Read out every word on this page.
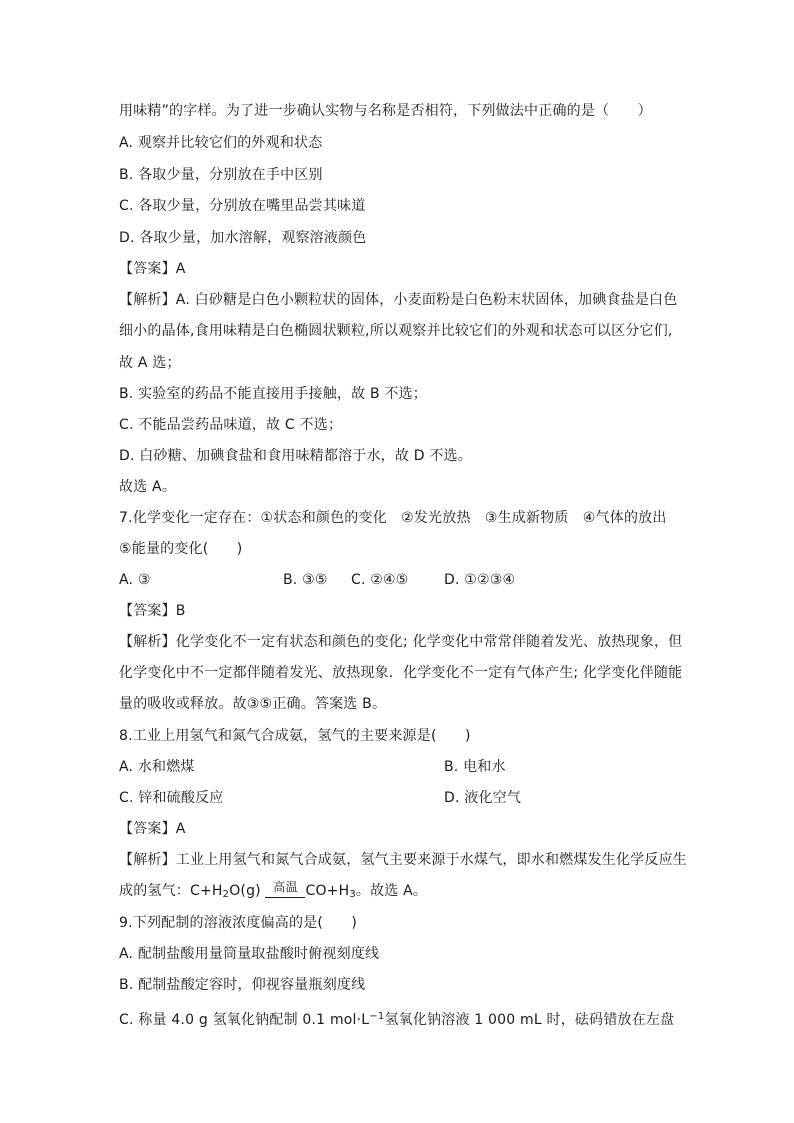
用味精”的字样。为了进一步确认实物与名称是否相符，下列做法中正确的是（　　）
A. 观察并比较它们的外观和状态
B. 各取少量，分别放在手中区别
C. 各取少量，分别放在嘴里品尝其味道
D. 各取少量，加水溶解，观察溶液颜色
【答案】A
【解析】A. 白砂糖是白色小颗粒状的固体，小麦面粉是白色粉末状固体，加碘食盐是白色
细小的晶体,食用味精是白色椭圆状颗粒,所以观察并比较它们的外观和状态可以区分它们,
故 A 选；
B. 实验室的药品不能直接用手接触，故 B 不选；
C. 不能品尝药品味道，故 C 不选；
D. 白砂糖、加碘食盐和食用味精都溶于水，故 D 不选。
故选 A。
7.化学变化一定存在：①状态和颜色的变化　②发光放热　③生成新物质　④气体的放出
⑤能量的变化(　　)
A. ③	B. ③⑤ C. ②④⑤	D. ①②③④
【答案】B
【解析】化学变化不一定有状态和颜色的变化; 化学变化中常常伴随着发光、放热现象，但
化学变化中不一定都伴随着发光、放热现象．化学变化不一定有气体产生; 化学变化伴随能
量的吸收或释放。故③⑤正确。答案选 B。
8.工业上用氢气和氮气合成氨，氢气的主要来源是(　　)
A. 水和燃煤	B. 电和水
C. 锌和硫酸反应	D. 液化空气
【答案】A
【解析】工业上用氢气和氮气合成氨，氢气主要来源于水煤气，即水和燃煤发生化学反应生
成的氢气：$C+H_2O(g)$ 高温 $CO+H_3$。故选 A。
9.下列配制的溶液浓度偏高的是(　　)
A. 配制盐酸用量筒量取盐酸时俯视刻度线
B. 配制盐酸定容时，仰视容量瓶刻度线
C. 称量 4.0 g 氢氧化钠配制 0.1 $mol\cdot L^{-1}$氢氧化钠溶液 1 000 mL 时，砝码错放在左盘
